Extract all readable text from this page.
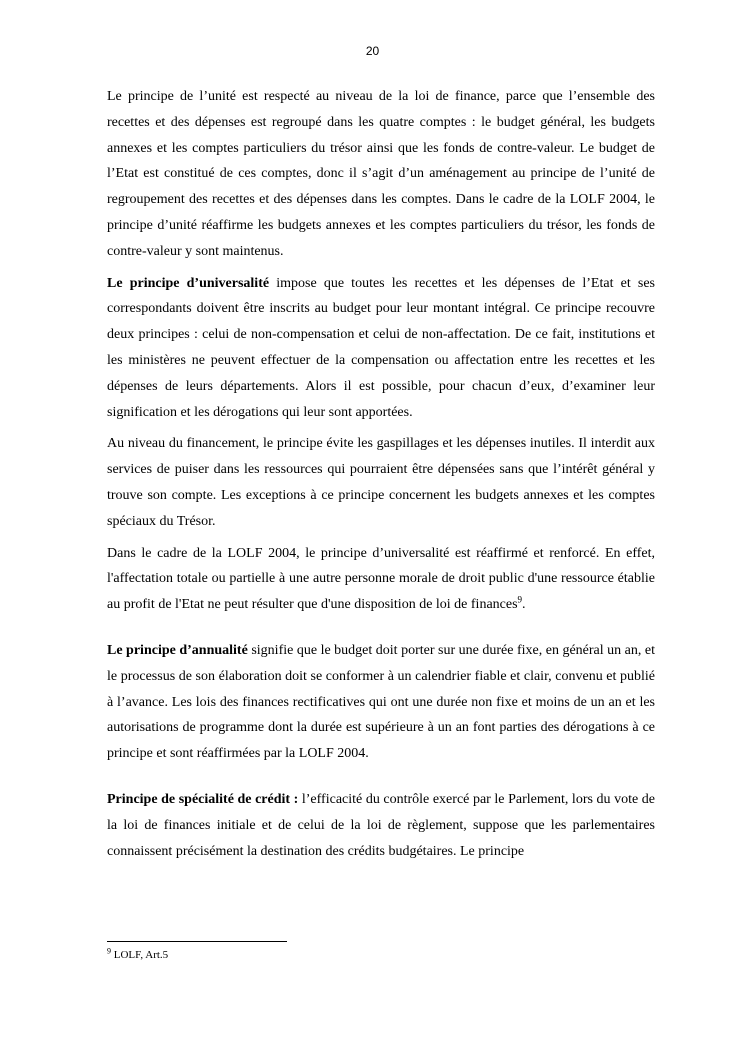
20

Le principe de l’unité est respecté au niveau de la loi de finance, parce que l’ensemble des recettes et des dépenses est regroupé dans les quatre comptes : le budget général, les budgets annexes et les comptes particuliers du trésor ainsi que les fonds de contre-valeur. Le budget de l’Etat est constitué de ces comptes, donc il s’agit d’un aménagement au principe de l’unité de regroupement des recettes et des dépenses dans les comptes. Dans le cadre de la LOLF 2004, le principe d’unité réaffirme les budgets annexes et les comptes particuliers du trésor, les fonds de contre-valeur y sont maintenus.

Le principe d’universalité impose que toutes les recettes et les dépenses de l’Etat et ses correspondants doivent être inscrits au budget pour leur montant intégral. Ce principe recouvre deux principes : celui de non-compensation et celui de non-affectation. De ce fait, institutions et les ministères ne peuvent effectuer de la compensation ou affectation entre les recettes et les dépenses de leurs départements. Alors il est possible, pour chacun d’eux, d’examiner leur signification et les dérogations qui leur sont apportées.

Au niveau du financement, le principe évite les gaspillages et les dépenses inutiles. Il interdit aux services de puiser dans les ressources qui pourraient être dépensées sans que l’intérêt général y trouve son compte. Les exceptions à ce principe concernent les budgets annexes et les comptes spéciaux du Trésor.

Dans le cadre de la LOLF 2004, le principe d’universalité est réaffirmé et renforcé. En effet, l'affectation totale ou partielle à une autre personne morale de droit public d'une ressource établie au profit de l'Etat ne peut résulter que d'une disposition de loi de finances$^9$.

Le principe d’annualité signifie que le budget doit porter sur une durée fixe, en général un an, et le processus de son élaboration doit se conformer à un calendrier fiable et clair, convenu et publié à l’avance. Les lois des finances rectificatives qui ont une durée non fixe et moins de un an et les autorisations de programme dont la durée est supérieure à un an font parties des dérogations à ce principe et sont réaffirmées par la LOLF 2004.

Principe de spécialité de crédit : l’efficacité du contrôle exercé par le Parlement, lors du vote de la loi de finances initiale et de celui de la loi de règlement, suppose que les parlementaires connaissent précisément la destination des crédits budgétaires. Le principe

$^9$ LOLF, Art.5
